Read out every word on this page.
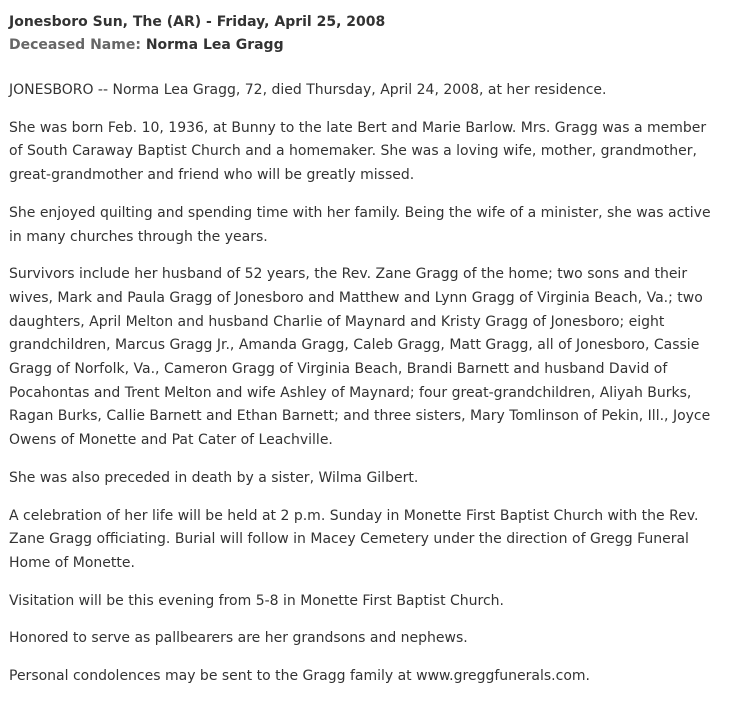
Jonesboro Sun, The (AR) - Friday, April 25, 2008
Deceased Name: Norma Lea Gragg

JONESBORO -- Norma Lea Gragg, 72, died Thursday, April 24, 2008, at her residence.

She was born Feb. 10, 1936, at Bunny to the late Bert and Marie Barlow. Mrs. Gragg was a member of South Caraway Baptist Church and a homemaker. She was a loving wife, mother, grandmother, great-grandmother and friend who will be greatly missed.

She enjoyed quilting and spending time with her family. Being the wife of a minister, she was active in many churches through the years.

Survivors include her husband of 52 years, the Rev. Zane Gragg of the home; two sons and their wives, Mark and Paula Gragg of Jonesboro and Matthew and Lynn Gragg of Virginia Beach, Va.; two daughters, April Melton and husband Charlie of Maynard and Kristy Gragg of Jonesboro; eight grandchildren, Marcus Gragg Jr., Amanda Gragg, Caleb Gragg, Matt Gragg, all of Jonesboro, Cassie Gragg of Norfolk, Va., Cameron Gragg of Virginia Beach, Brandi Barnett and husband David of Pocahontas and Trent Melton and wife Ashley of Maynard; four great-grandchildren, Aliyah Burks, Ragan Burks, Callie Barnett and Ethan Barnett; and three sisters, Mary Tomlinson of Pekin, Ill., Joyce Owens of Monette and Pat Cater of Leachville.

She was also preceded in death by a sister, Wilma Gilbert.

A celebration of her life will be held at 2 p.m. Sunday in Monette First Baptist Church with the Rev. Zane Gragg officiating. Burial will follow in Macey Cemetery under the direction of Gregg Funeral Home of Monette.

Visitation will be this evening from 5-8 in Monette First Baptist Church.

Honored to serve as pallbearers are her grandsons and nephews.

Personal condolences may be sent to the Gragg family at www.greggfunerals.com.
